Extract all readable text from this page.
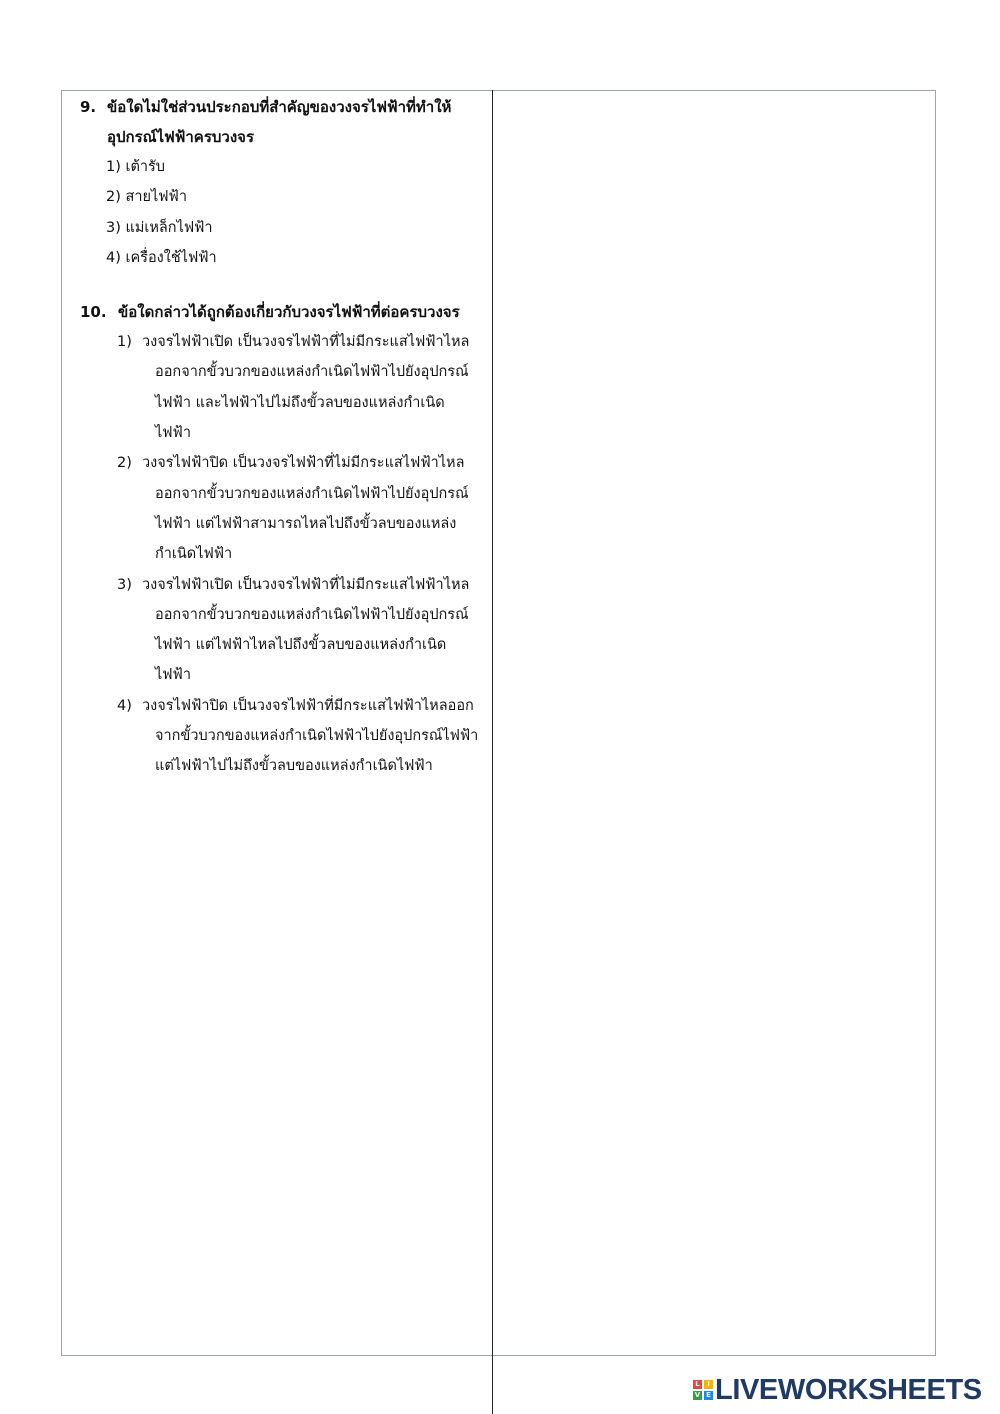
9. ข้อใดไม่ใช่ส่วนประกอบที่สำคัญของวงจรไฟฟ้าที่ทำให้อุปกรณ์ไฟฟ้าครบวงจร
1) เต้ารับ
2) สายไฟฟ้า
3) แม่เหล็กไฟฟ้า
4) เครื่องใช้ไฟฟ้า
10. ข้อใดกล่าวได้ถูกต้องเกี่ยวกับวงจรไฟฟ้าที่ต่อครบวงจร
1) วงจรไฟฟ้าเปิด เป็นวงจรไฟฟ้าที่ไม่มีกระแสไฟฟ้าไหลออกจากขั้วบวกของแหล่งกำเนิดไฟฟ้าไปยังอุปกรณ์ไฟฟ้า และไฟฟ้าไปไม่ถึงขั้วลบของแหล่งกำเนิดไฟฟ้า
2) วงจรไฟฟ้าปิด เป็นวงจรไฟฟ้าที่ไม่มีกระแสไฟฟ้าไหลออกจากขั้วบวกของแหล่งกำเนิดไฟฟ้าไปยังอุปกรณ์ไฟฟ้า แต่ไฟฟ้าสามารถไหลไปถึงขั้วลบของแหล่งกำเนิดไฟฟ้า
3) วงจรไฟฟ้าเปิด เป็นวงจรไฟฟ้าที่ไม่มีกระแสไฟฟ้าไหลออกจากขั้วบวกของแหล่งกำเนิดไฟฟ้าไปยังอุปกรณ์ไฟฟ้า แต่ไฟฟ้าไหลไปถึงขั้วลบของแหล่งกำเนิดไฟฟ้า
4) วงจรไฟฟ้าปิด เป็นวงจรไฟฟ้าที่มีกระแสไฟฟ้าไหลออกจากขั้วบวกของแหล่งกำเนิดไฟฟ้าไปยังอุปกรณ์ไฟฟ้า แต่ไฟฟ้าไปไม่ถึงขั้วลบของแหล่งกำเนิดไฟฟ้า
L	I
V E LIVEWORKSHEETS
